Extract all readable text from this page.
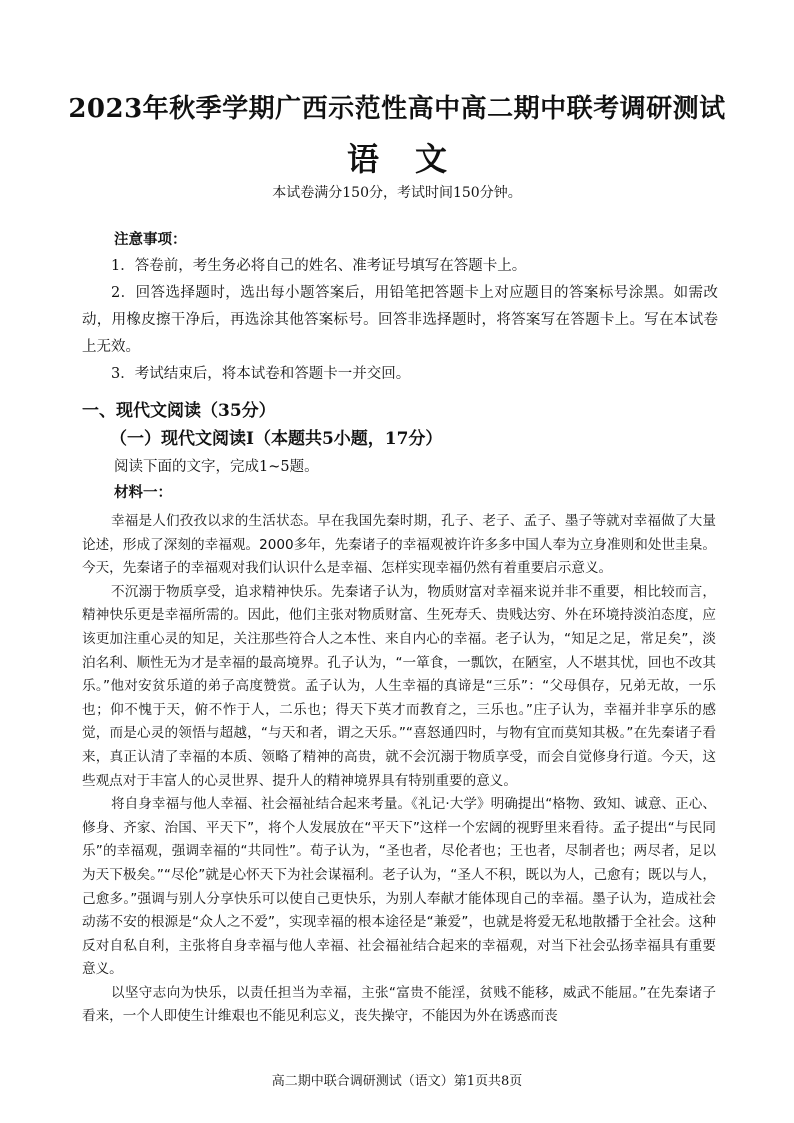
2023年秋季学期广西示范性高中高二期中联考调研测试
语文
本试卷满分150分，考试时间150分钟。
注意事项：
1．答卷前，考生务必将自己的姓名、准考证号填写在答题卡上。
2．回答选择题时，选出每小题答案后，用铅笔把答题卡上对应题目的答案标号涂黑。如需改动，用橡皮擦干净后，再选涂其他答案标号。回答非选择题时，将答案写在答题卡上。写在本试卷上无效。
3．考试结束后，将本试卷和答题卡一并交回。
一、现代文阅读（35分）
（一）现代文阅读Ⅰ（本题共5小题，17分）
阅读下面的文字，完成1~5题。
材料一：

幸福是人们孜孜以求的生活状态。早在我国先秦时期，孔子、老子、孟子、墨子等就对幸福做了大量论述，形成了深刻的幸福观。2000多年，先秦诸子的幸福观被许许多多中国人奉为立身准则和处世圭臬。今天，先秦诸子的幸福观对我们认识什么是幸福、怎样实现幸福仍然有着重要启示意义。

不沉溺于物质享受，追求精神快乐。先秦诸子认为，物质财富对幸福来说并非不重要，相比较而言，精神快乐更是幸福所需的。因此，他们主张对物质财富、生死寿夭、贵贱达穷、外在环境持淡泊态度，应该更加注重心灵的知足，关注那些符合人之本性、来自内心的幸福。老子认为，“知足之足，常足矣”，淡泊名利、顺性无为才是幸福的最高境界。孔子认为，“一箪食，一瓢饮，在陋室，人不堪其忧，回也不改其乐。”他对安贫乐道的弟子高度赞赏。孟子认为，人生幸福的真谛是“三乐”：“父母俱存，兄弟无故，一乐也；仰不愧于天，俯不怍于人，二乐也；得天下英才而教育之，三乐也。”庄子认为，幸福并非享乐的感觉，而是心灵的领悟与超越，“与天和者，谓之天乐。”“喜怒通四时，与物有宜而莫知其极。”在先秦诸子看来，真正认清了幸福的本质、领略了精神的高贵，就不会沉溺于物质享受，而会自觉修身行道。今天，这些观点对于丰富人的心灵世界、提升人的精神境界具有特别重要的意义。

将自身幸福与他人幸福、社会福祉结合起来考量。《礼记·大学》明确提出“格物、致知、诚意、正心、修身、齐家、治国、平天下”，将个人发展放在“平天下”这样一个宏阔的视野里来看待。孟子提出“与民同乐”的幸福观，强调幸福的“共同性”。荀子认为，“圣也者，尽伦者也；王也者，尽制者也；两尽者，足以为天下极矣。”“尽伦”就是心怀天下为社会谋福利。老子认为，“圣人不积，既以为人，己愈有；既以与人，己愈多。”强调与别人分享快乐可以使自己更快乐，为别人奉献才能体现自己的幸福。墨子认为，造成社会动荡不安的根源是“众人之不爱”，实现幸福的根本途径是“兼爱”，也就是将爱无私地散播于全社会。这种反对自私自利，主张将自身幸福与他人幸福、社会福祉结合起来的幸福观，对当下社会弘扬幸福具有重要意义。

以坚守志向为快乐，以责任担当为幸福，主张“富贵不能淫，贫贱不能移，威武不能屈。”在先秦诸子看来，一个人即使生计维艰也不能见利忘义，丧失操守，不能因为外在诱惑而丧

高二期中联合调研测试（语文）第1页共8页
